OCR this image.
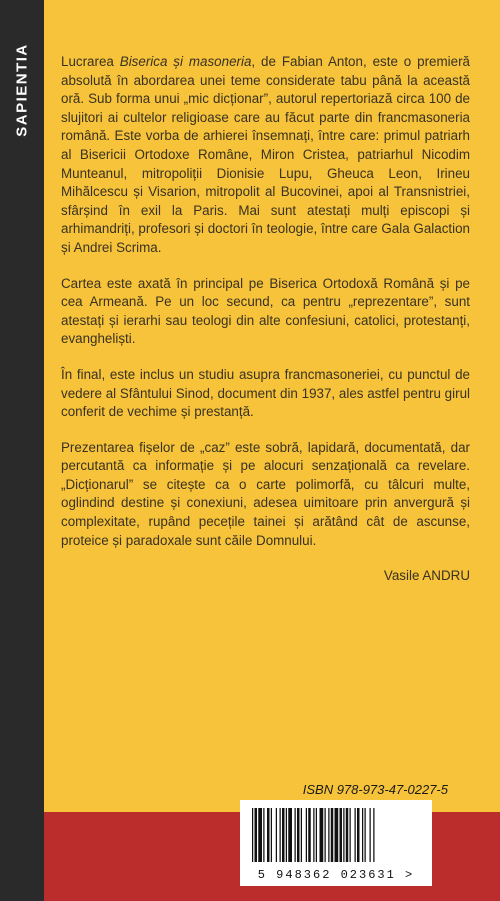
SAPIENTIA Lucrarea Biserica și masoneria, de Fabian Anton, este o premieră absolută în abordarea unei teme considerate tabu până la această oră. Sub forma unui „mic dicționar”, autorul repertoriază circa 100 de slujitori ai cultelor religioase care au făcut parte din francmasoneria română. Este vorba de arhierei însemnați, între care: primul patriarh al Bisericii Ortodoxe Române, Miron Cristea, patriarhul Nicodim Munteanul, mitropoliții Dionisie Lupu, Gheuca Leon, Irineu Mihălcescu și Visarion, mitropolit al Bucovinei, apoi al Transnistriei, sfârșind în exil la Paris. Mai sunt atestați mulți episcopi și arhimandriți, profesori și doctori în teologie, între care Gala Galaction și Andrei Scrima.

Cartea este axată în principal pe Biserica Ortodoxă Română și pe cea Armeană. Pe un loc secund, ca pentru „reprezentare”, sunt atestați și ierarhi sau teologi din alte confesiuni, catolici, protestanți, evangheliști.

În final, este inclus un studiu asupra francmasoneriei, cu punctul de vedere al Sfântului Sinod, document din 1937, ales astfel pentru girul conferit de vechime și prestanță.

Prezentarea fișelor de „caz” este sobră, lapidară, documentată, dar percutantă ca informație și pe alocuri senzațională ca revelare. „Dicționarul” se citește ca o carte polimorfă, cu tâlcuri multe, oglindind destine și conexiuni, adesea uimitoare prin anvergură și complexitate, rupând pecețile tainei și arătând cât de ascunse, proteice și paradoxale sunt căile Domnului.

Vasile ANDRU

ISBN 978-973-47-0227-5
5 948362 023631 >
